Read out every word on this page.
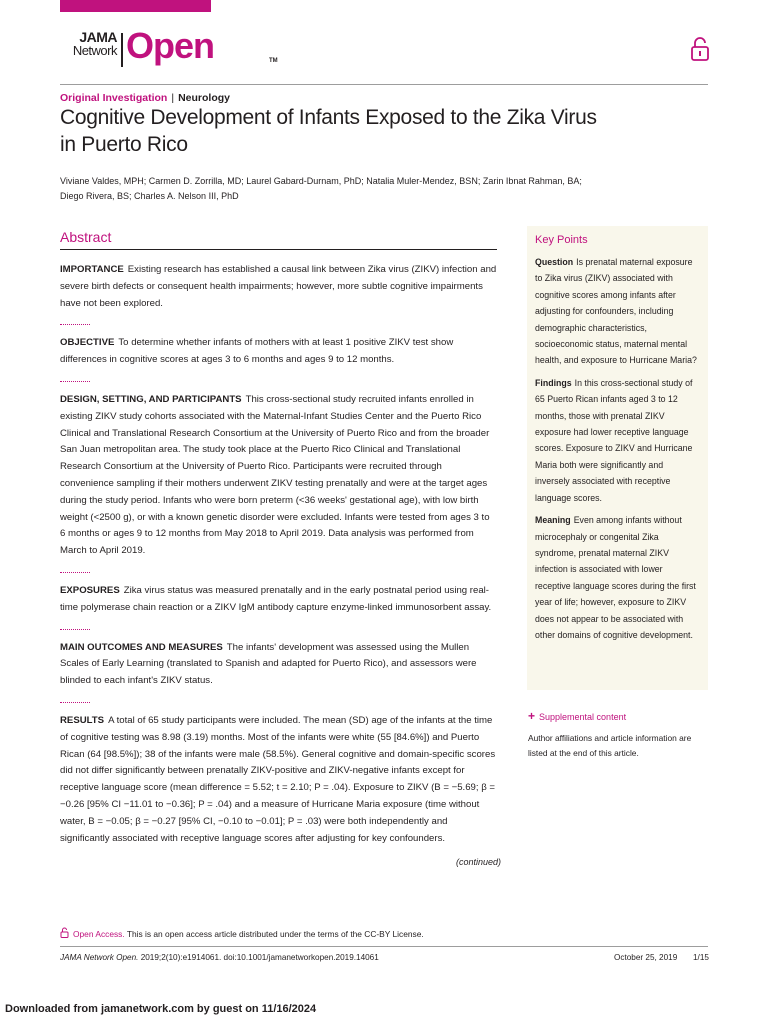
JAMA
Network Open	TM
Original Investigation | Neurology
Cognitive Development of Infants Exposed to the Zika Virus
in Puerto Rico
Viviane Valdes, MPH; Carmen D. Zorrilla, MD; Laurel Gabard-Durnam, PhD; Natalia Muler-Mendez, BSN; Zarin Ibnat Rahman, BA;
Diego Rivera, BS; Charles A. Nelson III, PhD
Abstract

IMPORTANCE Existing research has established a causal link between Zika virus (ZIKV) infection and severe birth defects or consequent health impairments; however, more subtle cognitive impairments have not been explored.

OBJECTIVE To determine whether infants of mothers with at least 1 positive ZIKV test show differences in cognitive scores at ages 3 to 6 months and ages 9 to 12 months.

DESIGN, SETTING, AND PARTICIPANTS This cross-sectional study recruited infants enrolled in existing ZIKV study cohorts associated with the Maternal-Infant Studies Center and the Puerto Rico Clinical and Translational Research Consortium at the University of Puerto Rico and from the broader San Juan metropolitan area. The study took place at the Puerto Rico Clinical and Translational Research Consortium at the University of Puerto Rico. Participants were recruited through convenience sampling if their mothers underwent ZIKV testing prenatally and were at the target ages during the study period. Infants who were born preterm (<36 weeks' gestational age), with low birth weight (<2500 g), or with a known genetic disorder were excluded. Infants were tested from ages 3 to 6 months or ages 9 to 12 months from May 2018 to April 2019. Data analysis was performed from March to April 2019.

EXPOSURES Zika virus status was measured prenatally and in the early postnatal period using real-time polymerase chain reaction or a ZIKV IgM antibody capture enzyme-linked immunosorbent assay.

MAIN OUTCOMES AND MEASURES The infants' development was assessed using the Mullen Scales of Early Learning (translated to Spanish and adapted for Puerto Rico), and assessors were blinded to each infant's ZIKV status.

RESULTS A total of 65 study participants were included. The mean (SD) age of the infants at the time of cognitive testing was 8.98 (3.19) months. Most of the infants were white (55 [84.6%]) and Puerto Rican (64 [98.5%]); 38 of the infants were male (58.5%). General cognitive and domain-specific scores did not differ significantly between prenatally ZIKV-positive and ZIKV-negative infants except for receptive language score (mean difference = 5.52; t = 2.10; P = .04). Exposure to ZIKV (B = −5.69; β = −0.26 [95% CI −11.01 to −0.36]; P = .04) and a measure of Hurricane Maria exposure (time without water, B = −0.05; β = −0.27 [95% CI, −0.10 to −0.01]; P = .03) were both independently and significantly associated with receptive language scores after adjusting for key confounders.

(continued)
Key Points

Question Is prenatal maternal exposure to Zika virus (ZIKV) associated with cognitive scores among infants after adjusting for confounders, including demographic characteristics, socioeconomic status, maternal mental health, and exposure to Hurricane Maria?

Findings In this cross-sectional study of 65 Puerto Rican infants aged 3 to 12 months, those with prenatal ZIKV exposure had lower receptive language scores. Exposure to ZIKV and Hurricane Maria both were significantly and inversely associated with receptive language scores.

Meaning Even among infants without microcephaly or congenital Zika syndrome, prenatal maternal ZIKV infection is associated with lower receptive language scores during the first year of life; however, exposure to ZIKV does not appear to be associated with other domains of cognitive development.

+ Supplemental content
Author affiliations and article information are listed at the end of this article.
Open Access. This is an open access article distributed under the terms of the CC-BY License.
JAMA Network Open. 2019;2(10):e1914061. doi:10.1001/jamanetworkopen.2019.14061	October 25, 2019 1/15
Downloaded from jamanetwork.com by guest on 11/16/2024
